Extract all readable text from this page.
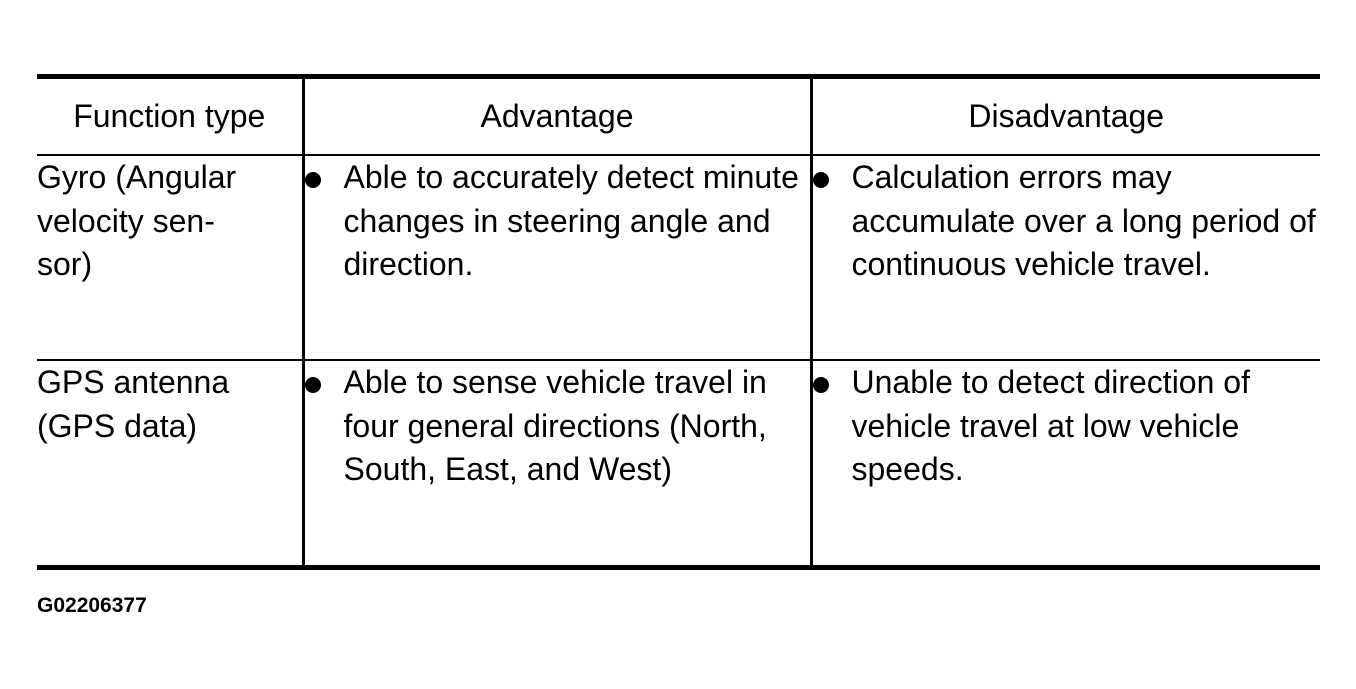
Function type	Advantage	Disadvantage

Gyro (Angular
velocity sen-
sor)	Able to accurately detect minute changes in steering angle and direction.	Calculation errors may accumulate over a long period of continuous vehicle travel.

GPS antenna
(GPS data)	Able to sense vehicle travel in four general directions (North, South, East, and West)	Unable to detect direction of vehicle travel at low vehicle speeds.
G02206377
